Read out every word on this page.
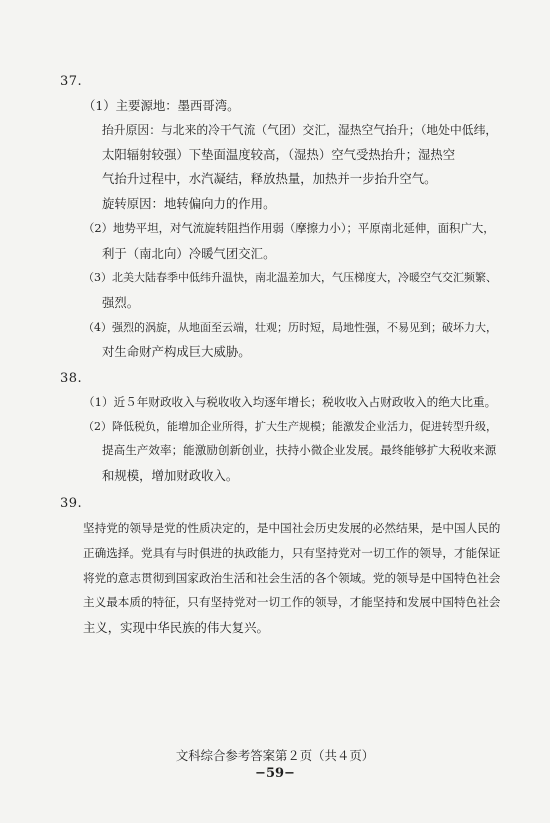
37.
（1）主要源地：墨西哥湾。
抬升原因：与北来的冷干气流（气团）交汇，湿热空气抬升；（地处中低纬，
太阳辐射较强）下垫面温度较高，（湿热）空气受热抬升；湿热空
气抬升过程中，水汽凝结，释放热量，加热并一步抬升空气。
旋转原因：地转偏向力的作用。
（2）地势平坦，对气流旋转阻挡作用弱（摩擦力小）；平原南北延伸，面积广大，
利于（南北向）冷暖气团交汇。
（3）北美大陆春季中低纬升温快，南北温差加大，气压梯度大，冷暖空气交汇频繁、
强烈。
（4）强烈的涡旋，从地面至云端，壮观；历时短，局地性强，不易见到；破坏力大，
对生命财产构成巨大威胁。
38.
（1）近５年财政收入与税收收入均逐年增长；税收收入占财政收入的绝大比重。
（2）降低税负，能增加企业所得，扩大生产规模；能激发企业活力，促进转型升级，
提高生产效率；能激励创新创业，扶持小微企业发展。最终能够扩大税收来源
和规模，增加财政收入。
39.
坚持党的领导是党的性质决定的，是中国社会历史发展的必然结果，是中国人民的
正确选择。党具有与时俱进的执政能力，只有坚持党对一切工作的领导，才能保证
将党的意志贯彻到国家政治生活和社会生活的各个领域。党的领导是中国特色社会
主义最本质的特征，只有坚持党对一切工作的领导，才能坚持和发展中国特色社会
主义，实现中华民族的伟大复兴。
文科综合参考答案第２页（共４页）
−59−
